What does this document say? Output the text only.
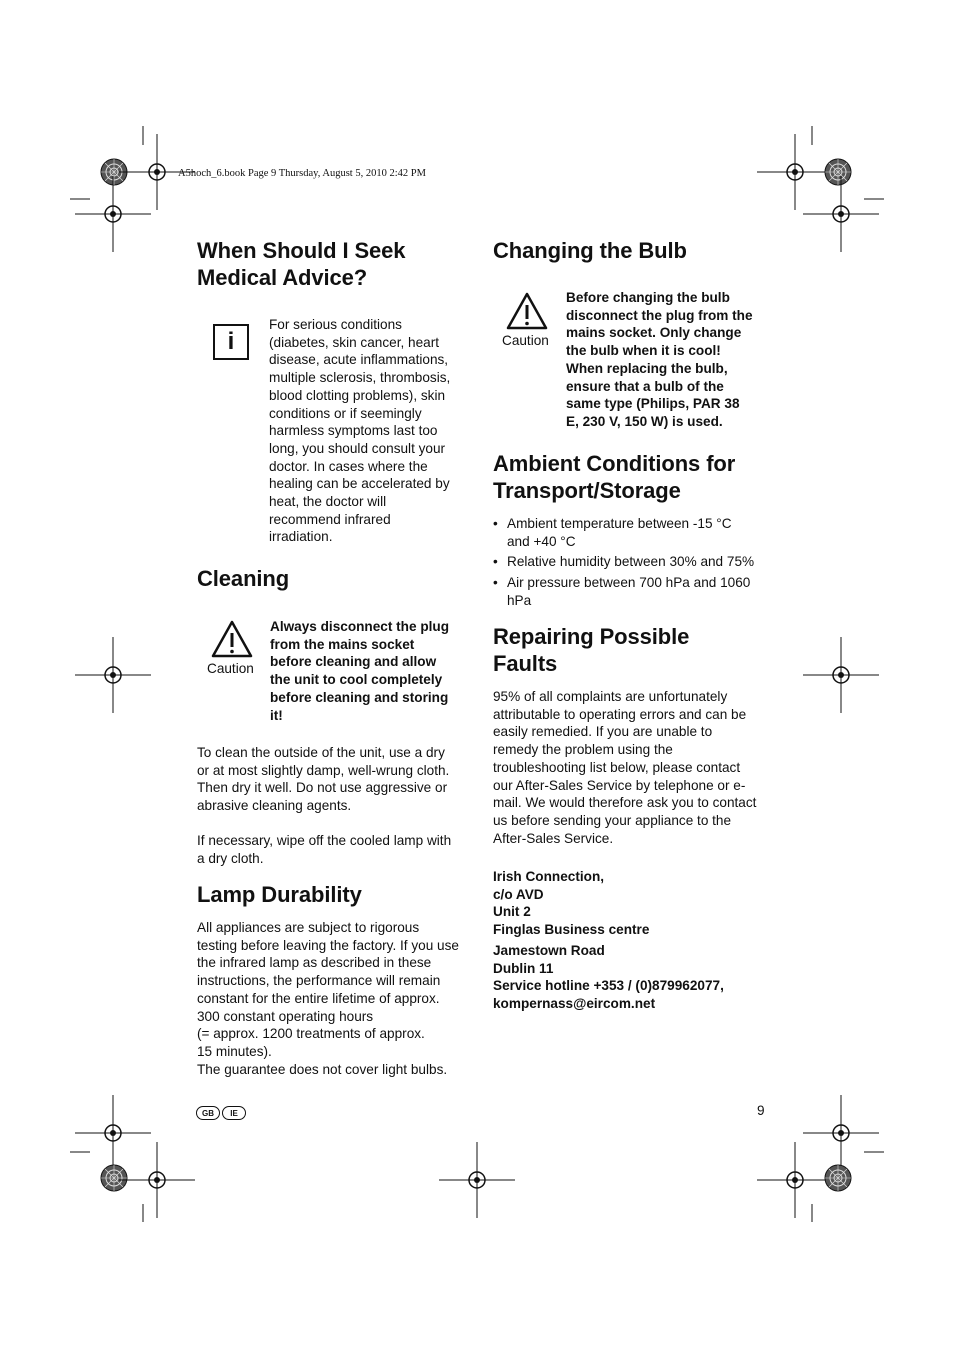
A5hoch_6.book Page 9 Thursday, August 5, 2010 2:42 PM
When Should I Seek
Medical Advice?
i
For serious conditions
(diabetes, skin cancer, heart
disease, acute inflammations,
multiple sclerosis, thrombosis,
blood clotting problems), skin
conditions or if seemingly
harmless symptoms last too
long, you should consult your
doctor. In cases where the
healing can be accelerated by
heat, the doctor will
recommend infrared
irradiation.
Cleaning
Caution
Always disconnect the plug
from the mains socket
before cleaning and allow
the unit to cool completely
before cleaning and storing
it!
To clean the outside of the unit, use a dry
or at most slightly damp, well-wrung cloth.
Then dry it well. Do not use aggressive or
abrasive cleaning agents.
If necessary, wipe off the cooled lamp with
a dry cloth.
Lamp Durability
All appliances are subject to rigorous
testing before leaving the factory. If you use
the infrared lamp as described in these
instructions, the performance will remain
constant for the entire lifetime of approx.
300 constant operating hours
(= approx. 1200 treatments of approx.
15 minutes).
The guarantee does not cover light bulbs.
Changing the Bulb
Caution
Before changing the bulb
disconnect the plug from the
mains socket. Only change
the bulb when it is cool!
When replacing the bulb,
ensure that a bulb of the
same type (Philips, PAR 38
E, 230 V, 150 W) is used.
Ambient Conditions for
Transport/Storage
• Ambient temperature between -15 °C and +40 °C
• Relative humidity between 30% and 75%
• Air pressure between 700 hPa and 1060 hPa
Repairing Possible
Faults
95% of all complaints are unfortunately
attributable to operating errors and can be
easily remedied. If you are unable to
remedy the problem using the
troubleshooting list below, please contact
our After-Sales Service by telephone or e-
mail. We would therefore ask you to contact
us before sending your appliance to the
After-Sales Service.
Irish Connection,
c/o AVD
Unit 2
Finglas Business centre
Jamestown Road
Dublin 11
Service hotline +353 / (0)879962077,
kompernass@eircom.net
GB	IE	9
